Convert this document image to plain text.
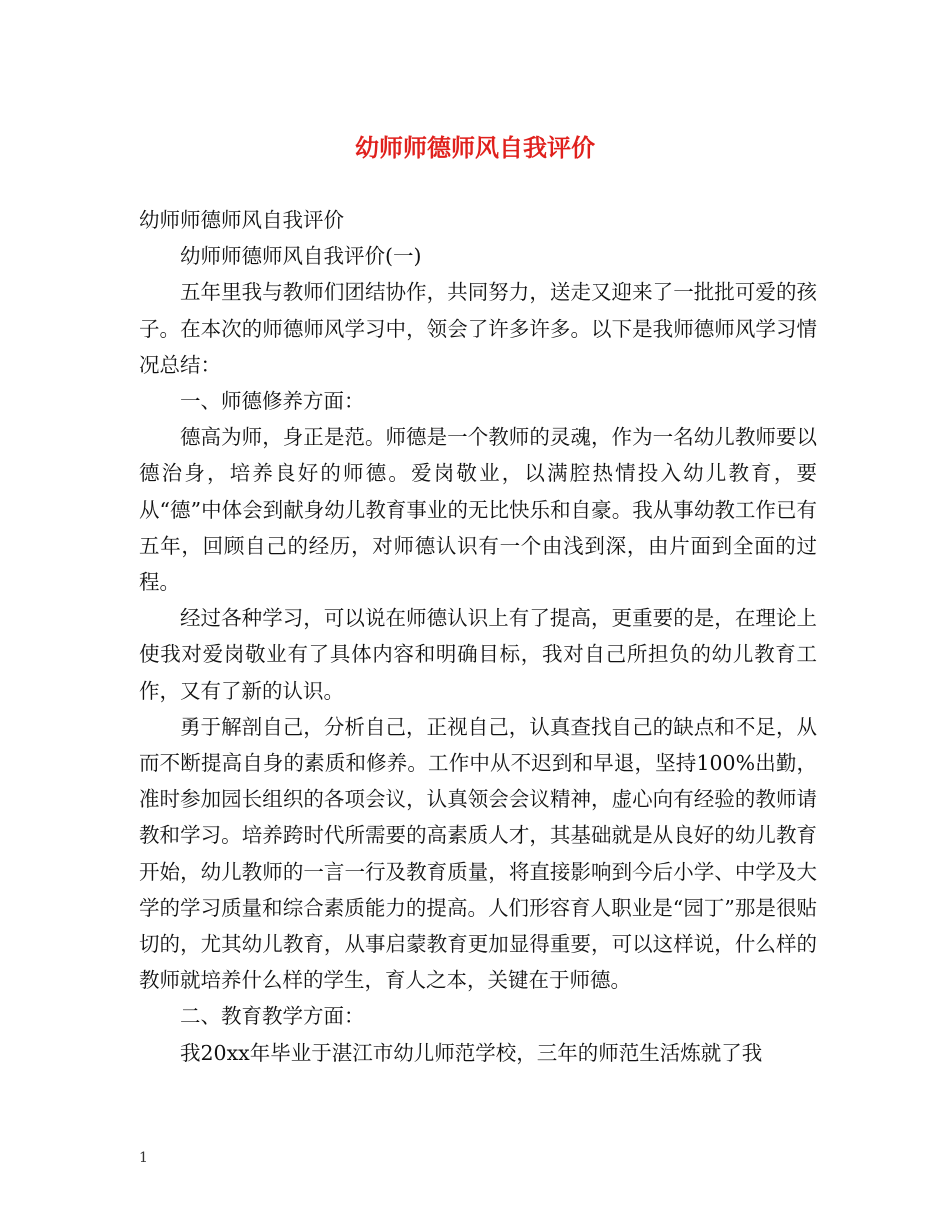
幼师师德师风自我评价

幼师师德师风自我评价

幼师师德师风自我评价(一)

五年里我与教师们团结协作，共同努力，送走又迎来了一批批可爱的孩子。在本次的师德师风学习中，领会了许多许多。以下是我师德师风学习情况总结：

一、师德修养方面：

德高为师，身正是范。师德是一个教师的灵魂，作为一名幼儿教师要以德治身，培养良好的师德。爱岗敬业，以满腔热情投入幼儿教育，要从“德”中体会到献身幼儿教育事业的无比快乐和自豪。我从事幼教工作已有五年，回顾自己的经历，对师德认识有一个由浅到深，由片面到全面的过程。

经过各种学习，可以说在师德认识上有了提高，更重要的是，在理论上使我对爱岗敬业有了具体内容和明确目标，我对自己所担负的幼儿教育工作，又有了新的认识。

勇于解剖自己，分析自己，正视自己，认真查找自己的缺点和不足，从而不断提高自身的素质和修养。工作中从不迟到和早退，坚持100%出勤，准时参加园长组织的各项会议，认真领会会议精神，虚心向有经验的教师请教和学习。培养跨时代所需要的高素质人才，其基础就是从良好的幼儿教育开始，幼儿教师的一言一行及教育质量，将直接影响到今后小学、中学及大学的学习质量和综合素质能力的提高。人们形容育人职业是“园丁”那是很贴切的，尤其幼儿教育，从事启蒙教育更加显得重要，可以这样说，什么样的教师就培养什么样的学生，育人之本，关键在于师德。

二、教育教学方面：

我20xx年毕业于湛江市幼儿师范学校，三年的师范生活炼就了我

1
